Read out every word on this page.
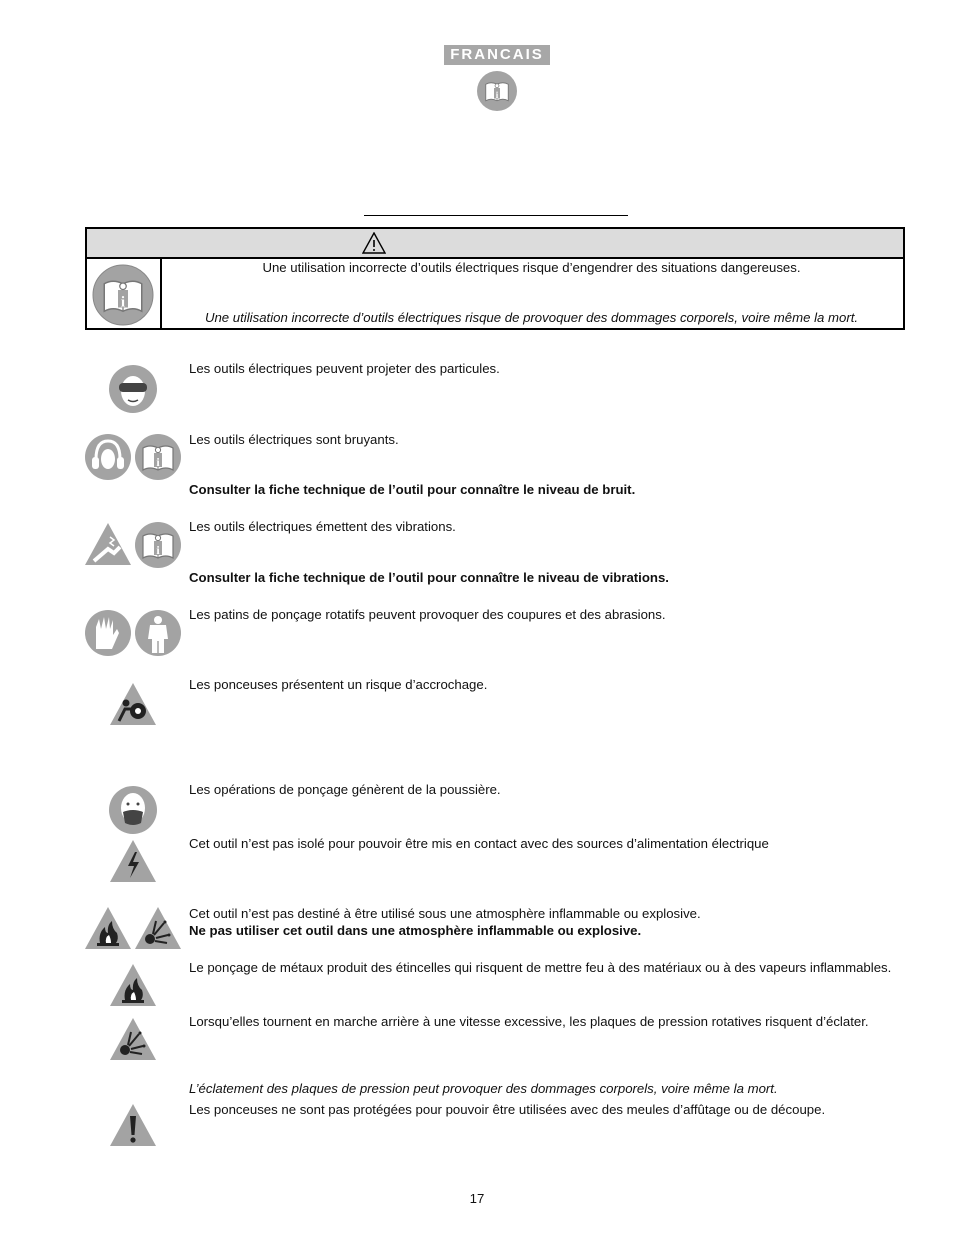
FRANCAIS
Une utilisation incorrecte d’outils électriques risque d’engendrer des situations dangereuses.
Une utilisation incorrecte d’outils électriques risque de provoquer des dommages corporels, voire même la mort.
Les outils électriques peuvent projeter des particules.
Les outils électriques sont bruyants.
Consulter la fiche technique de l’outil pour connaître le niveau de bruit.
Les outils électriques émettent des vibrations.
Consulter la fiche technique de l’outil pour connaître le niveau de vibrations.
Les patins de ponçage rotatifs peuvent provoquer des coupures et des abrasions.
Les ponceuses présentent un risque d’accrochage.
Les opérations de ponçage génèrent de la poussière.
Cet outil n’est pas isolé pour pouvoir être mis en contact avec des sources d’alimentation électrique
Cet outil n’est pas destiné à être utilisé sous une atmosphère inflammable ou explosive.
Ne pas utiliser cet outil dans une atmosphère inflammable ou explosive.
Le ponçage de métaux produit des étincelles qui risquent de mettre feu à des matériaux ou à des vapeurs inflammables.
Lorsqu’elles tournent en marche arrière à une vitesse excessive, les plaques de pression rotatives risquent d’éclater.
L’éclatement des plaques de pression peut provoquer des dommages corporels, voire même la mort.
Les ponceuses ne sont pas protégées pour pouvoir être utilisées avec des meules d’affûtage ou de découpe.
17
